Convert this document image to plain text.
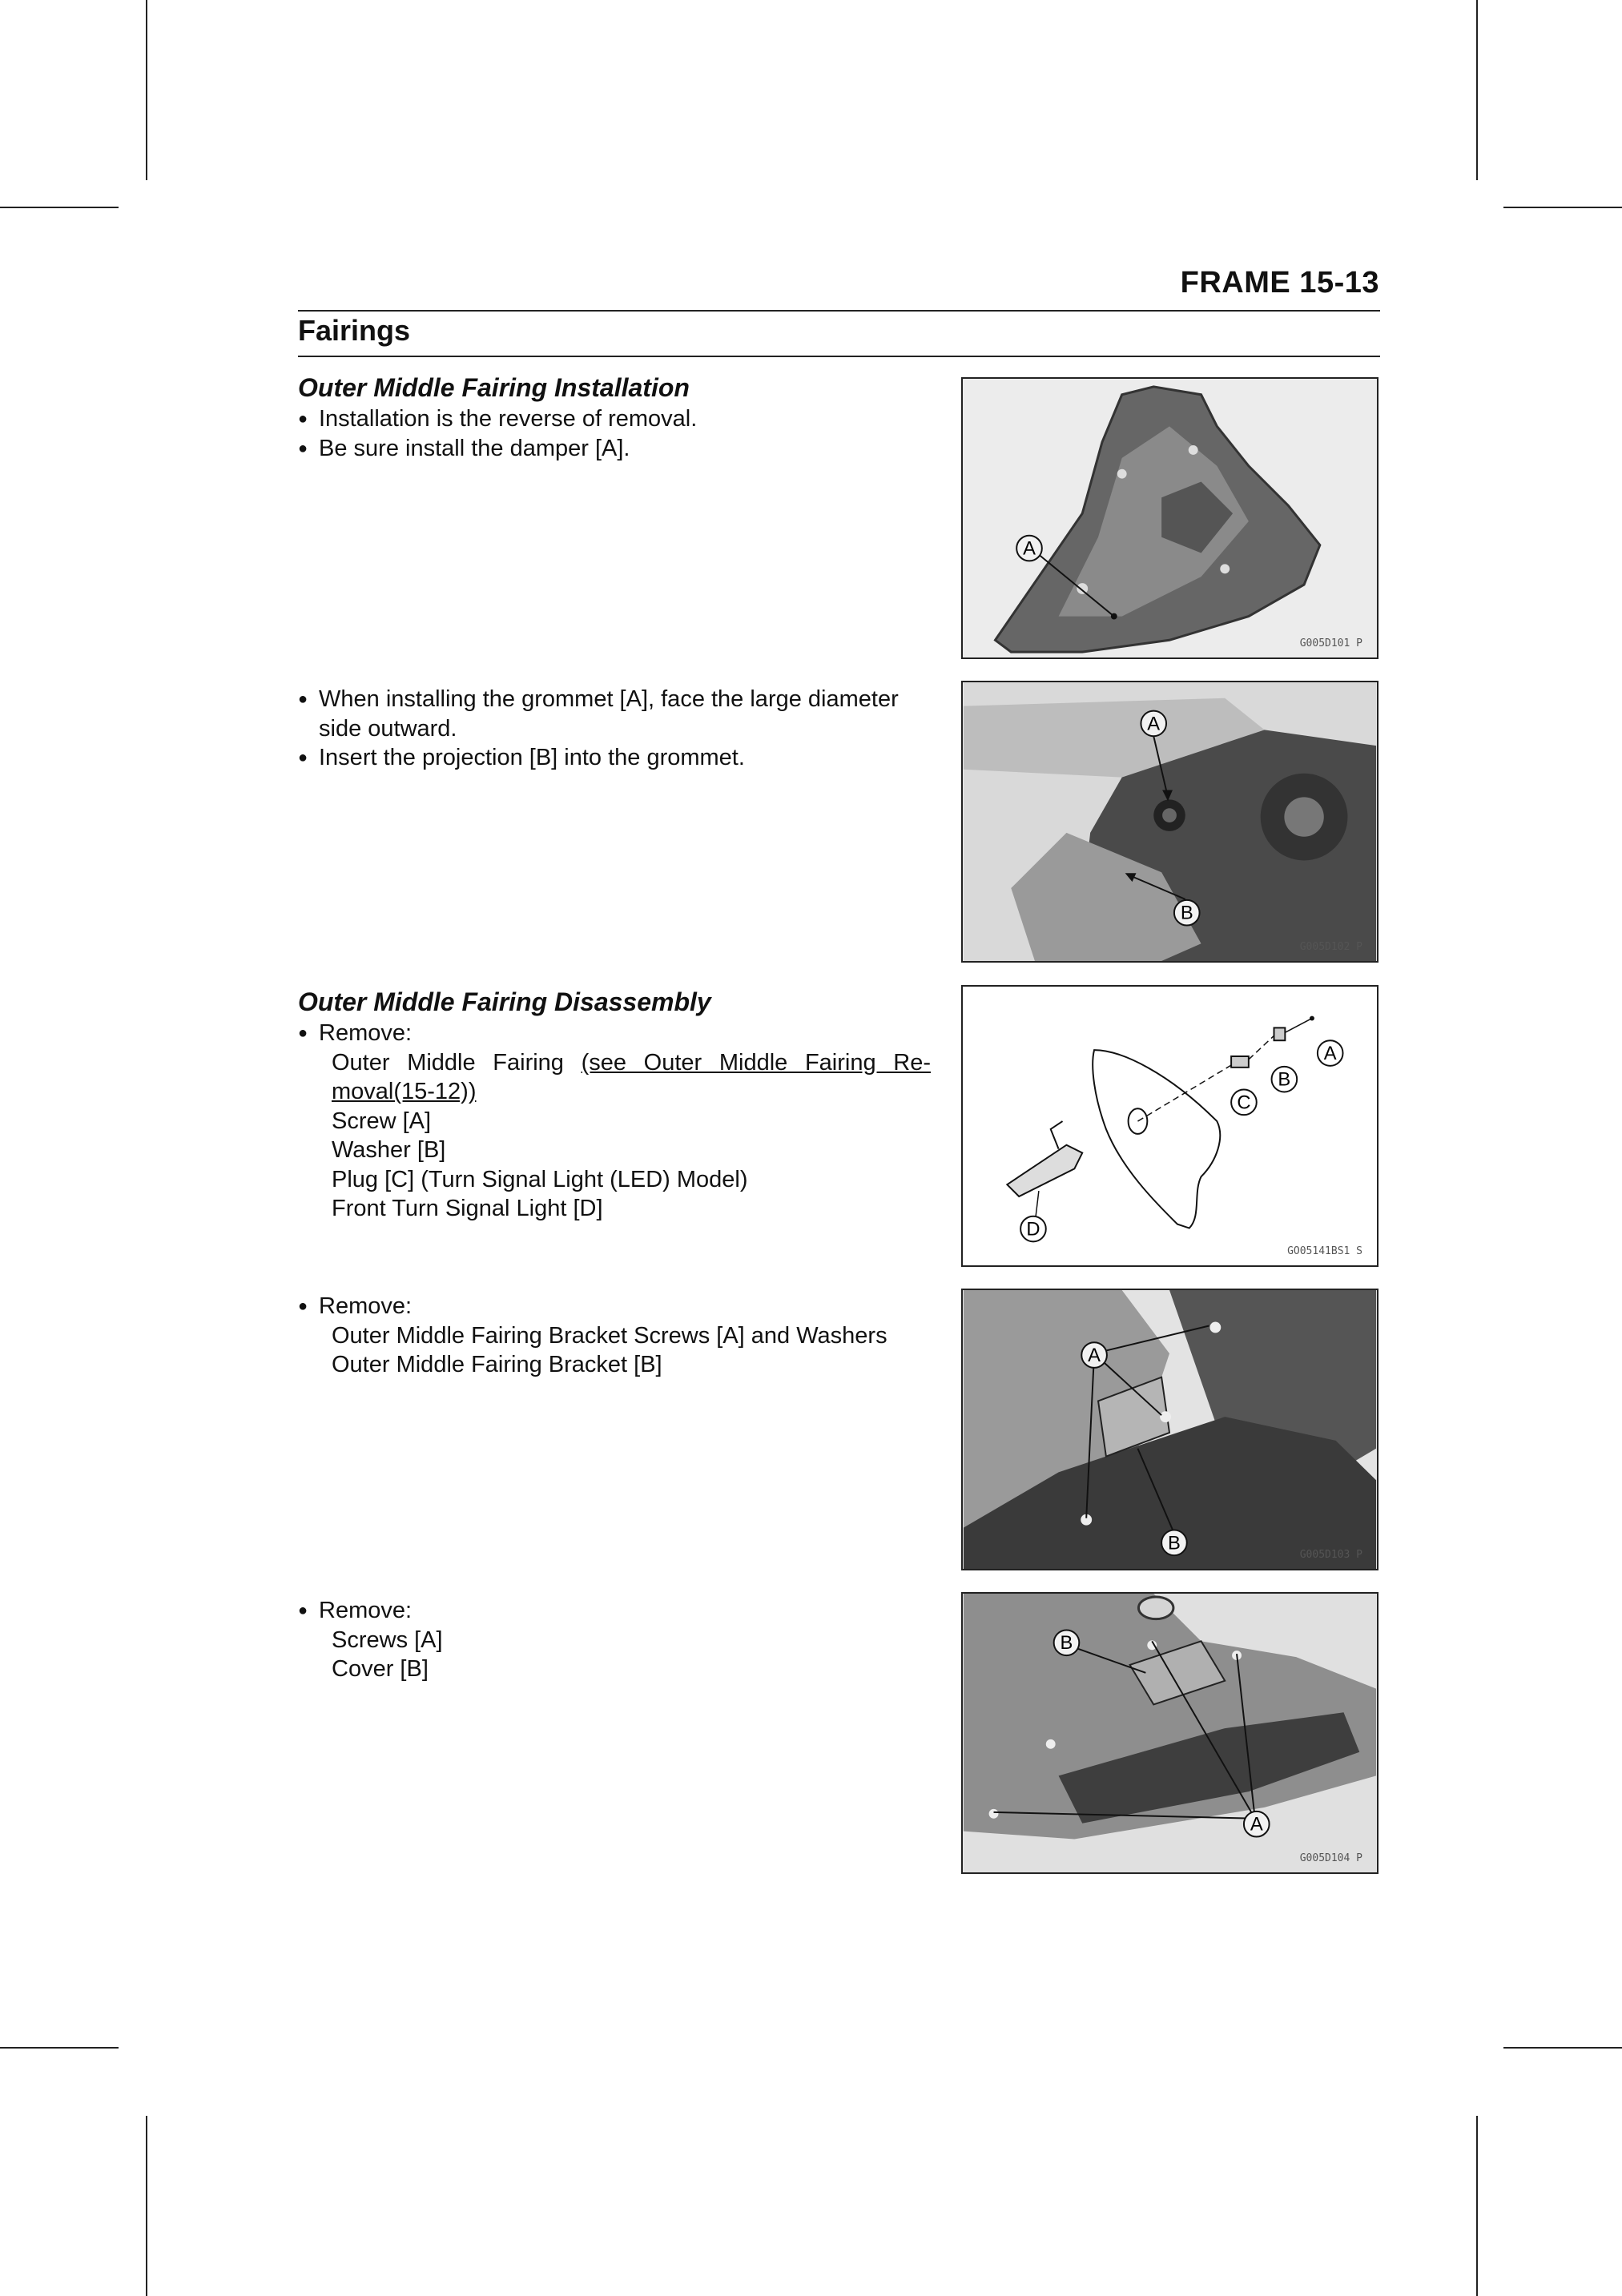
FRAME 15-13
Fairings
Outer Middle Fairing Installation
● Installation is the reverse of removal.
● Be sure install the damper [A].
● When installing the grommet [A], face the large diameter
side outward.
● Insert the projection [B] into the grommet.
Outer Middle Fairing Disassembly
● Remove:
Outer Middle Fairing (see Outer Middle Fairing Re-
moval(15-12))
Screw [A]
Washer [B]
Plug [C] (Turn Signal Light (LED) Model)
Front Turn Signal Light [D]
● Remove:
Outer Middle Fairing Bracket Screws [A] and Washers
Outer Middle Fairing Bracket [B]
● Remove:
Screws [A]
Cover [B]
A
G005D101 P
A
B
G005D102 P
A
B
C
D
GO05141BS1 S
A
B
G005D103 P
B
A
G005D104 P
